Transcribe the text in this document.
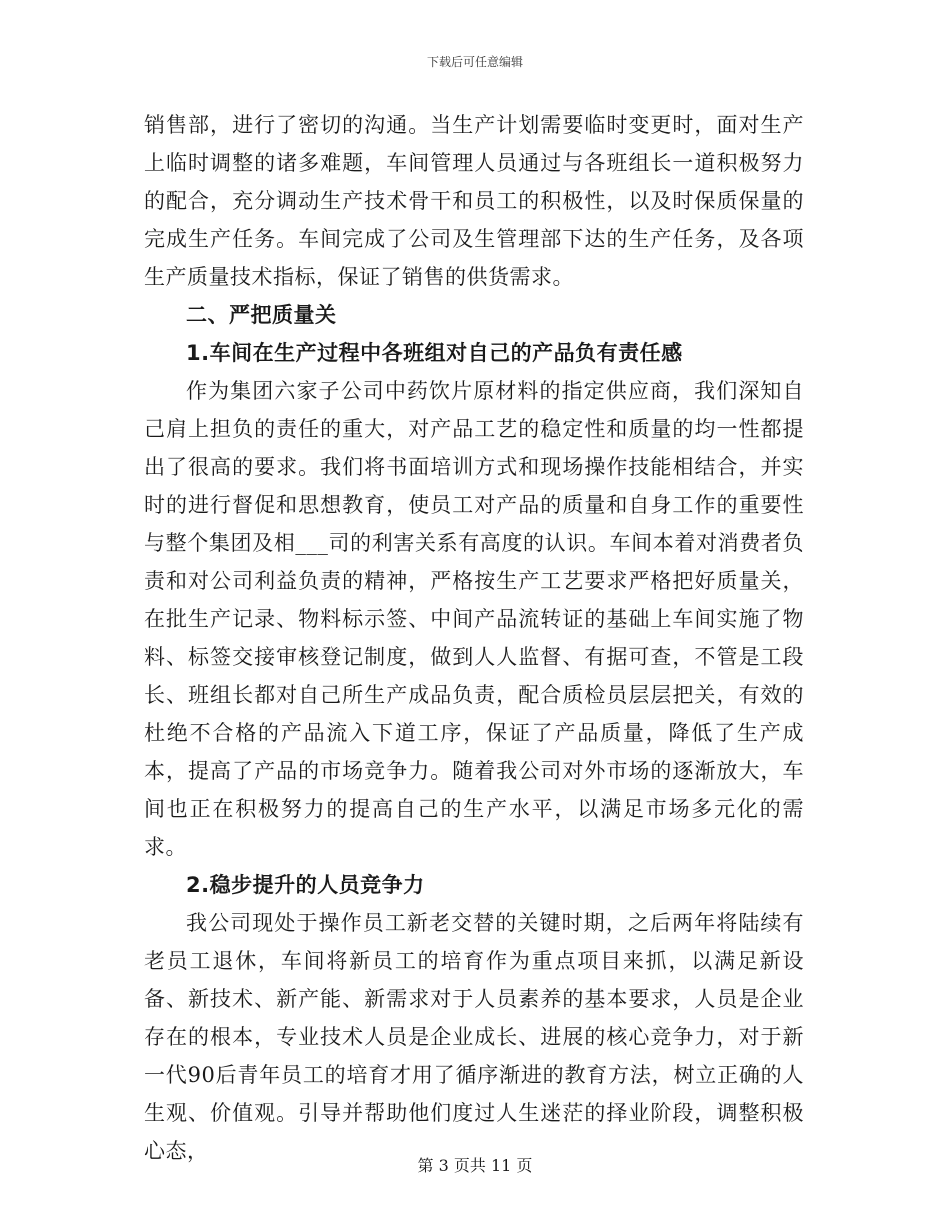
下载后可任意编辑

销售部，进行了密切的沟通。当生产计划需要临时变更时，面对生产上临时调整的诸多难题，车间管理人员通过与各班组长一道积极努力的配合，充分调动生产技术骨干和员工的积极性，以及时保质保量的完成生产任务。车间完成了公司及生管理部下达的生产任务，及各项生产质量技术指标，保证了销售的供货需求。

二、严把质量关

1.车间在生产过程中各班组对自己的产品负有责任感

作为集团六家子公司中药饮片原材料的指定供应商，我们深知自己肩上担负的责任的重大，对产品工艺的稳定性和质量的均一性都提出了很高的要求。我们将书面培训方式和现场操作技能相结合，并实时的进行督促和思想教育，使员工对产品的质量和自身工作的重要性与整个集团及相___司的利害关系有高度的认识。车间本着对消费者负责和对公司利益负责的精神，严格按生产工艺要求严格把好质量关，在批生产记录、物料标示签、中间产品流转证的基础上车间实施了物料、标签交接审核登记制度，做到人人监督、有据可查，不管是工段长、班组长都对自己所生产成品负责，配合质检员层层把关，有效的杜绝不合格的产品流入下道工序，保证了产品质量，降低了生产成本，提高了产品的市场竞争力。随着我公司对外市场的逐渐放大，车间也正在积极努力的提高自己的生产水平，以满足市场多元化的需求。

2.稳步提升的人员竞争力

我公司现处于操作员工新老交替的关键时期，之后两年将陆续有老员工退休，车间将新员工的培育作为重点项目来抓，以满足新设备、新技术、新产能、新需求对于人员素养的基本要求，人员是企业存在的根本，专业技术人员是企业成长、进展的核心竞争力，对于新一代90后青年员工的培育才用了循序渐进的教育方法，树立正确的人生观、价值观。引导并帮助他们度过人生迷茫的择业阶段，调整积极心态，

第 3 页共 11 页
